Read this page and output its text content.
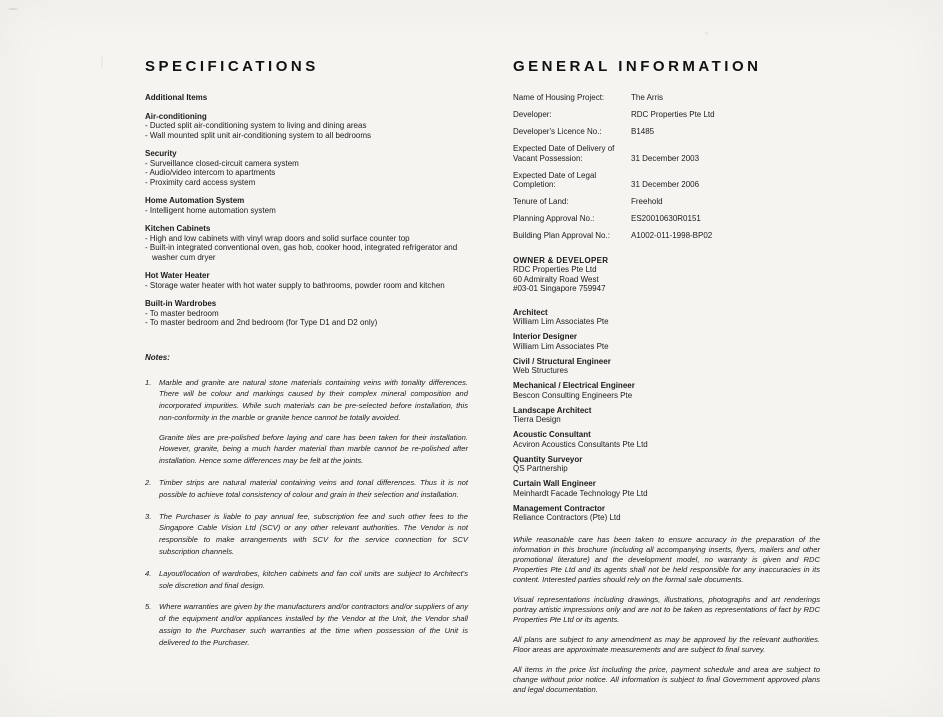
SPECIFICATIONS
Additional Items
Air-conditioning
- Ducted split air-conditioning system to living and dining areas
- Wall mounted split unit air-conditioning system to all bedrooms
Security
- Surveillance closed-circuit camera system
- Audio/video intercom to apartments
- Proximity card access system
Home Automation System
- Intelligent home automation system
Kitchen Cabinets
- High and low cabinets with vinyl wrap doors and solid surface counter top
- Built-in integrated conventional oven, gas hob, cooker hood, integrated refrigerator and washer cum dryer
Hot Water Heater
- Storage water heater with hot water supply to bathrooms, powder room and kitchen
Built-in Wardrobes
- To master bedroom
- To master bedroom and 2nd bedroom (for Type D1 and D2 only)
Notes:
1.	Marble and granite are natural stone materials containing veins with tonality differences. There will be colour and markings caused by their complex mineral composition and incorporated impurities. While such materials can be pre-selected before installation, this non-conformity in the marble or granite hence cannot be totally avoided.

Granite tiles are pre-polished before laying and care has been taken for their installation. However, granite, being a much harder material than marble cannot be re-polished after installation. Hence some differences may be felt at the joints.

2.	Timber strips are natural material containing veins and tonal differences. Thus it is not possible to achieve total consistency of colour and grain in their selection and installation.

3.	The Purchaser is liable to pay annual fee, subscription fee and such other fees to the Singapore Cable Vision Ltd (SCV) or any other relevant authorities. The Vendor is not responsible to make arrangements with SCV for the service connection for SCV subscription channels.

4.	Layout/location of wardrobes, kitchen cabinets and fan coil units are subject to Architect's sole discretion and final design.

5.	Where warranties are given by the manufacturers and/or contractors and/or suppliers of any of the equipment and/or appliances installed by the Vendor at the Unit, the Vendor shall assign to the Purchaser such warranties at the time when possession of the Unit is delivered to the Purchaser.

GENERAL INFORMATION
Name of Housing Project:	The Arris
Developer:	RDC Properties Pte Ltd
Developer's Licence No.:	B1485
Expected Date of Delivery of Vacant Possession:	31 December 2003
Expected Date of Legal Completion:	31 December 2006
Tenure of Land:	Freehold
Planning Approval No.:	ES20010630R0151
Building Plan Approval No.:	A1002-011-1998-BP02
OWNER & DEVELOPER
RDC Properties Pte Ltd
60 Admiralty Road West
#03-01 Singapore 759947
Architect
William Lim Associates Pte
Interior Designer
William Lim Associates Pte
Civil / Structural Engineer
Web Structures
Mechanical / Electrical Engineer
Bescon Consulting Engineers Pte
Landscape Architect
Tierra Design
Acoustic Consultant
Acviron Acoustics Consultants Pte Ltd
Quantity Surveyor
QS Partnership
Curtain Wall Engineer
Meinhardt Facade Technology Pte Ltd
Management Contractor
Reliance Contractors (Pte) Ltd

While reasonable care has been taken to ensure accuracy in the preparation of the information in this brochure (including all accompanying inserts, flyers, mailers and other promotional literature) and the development model, no warranty is given and RDC Properties Pte Ltd and its agents shall not be held responsible for any inaccuracies in its content. Interested parties should rely on the formal sale documents.

Visual representations including drawings, illustrations, photographs and art renderings portray artistic impressions only and are not to be taken as representations of fact by RDC Properties Pte Ltd or its agents.

All plans are subject to any amendment as may be approved by the relevant authorities. Floor areas are approximate measurements and are subject to final survey.

All items in the price list including the price, payment schedule and area are subject to change without prior notice. All information is subject to final Government approved plans and legal documentation.
